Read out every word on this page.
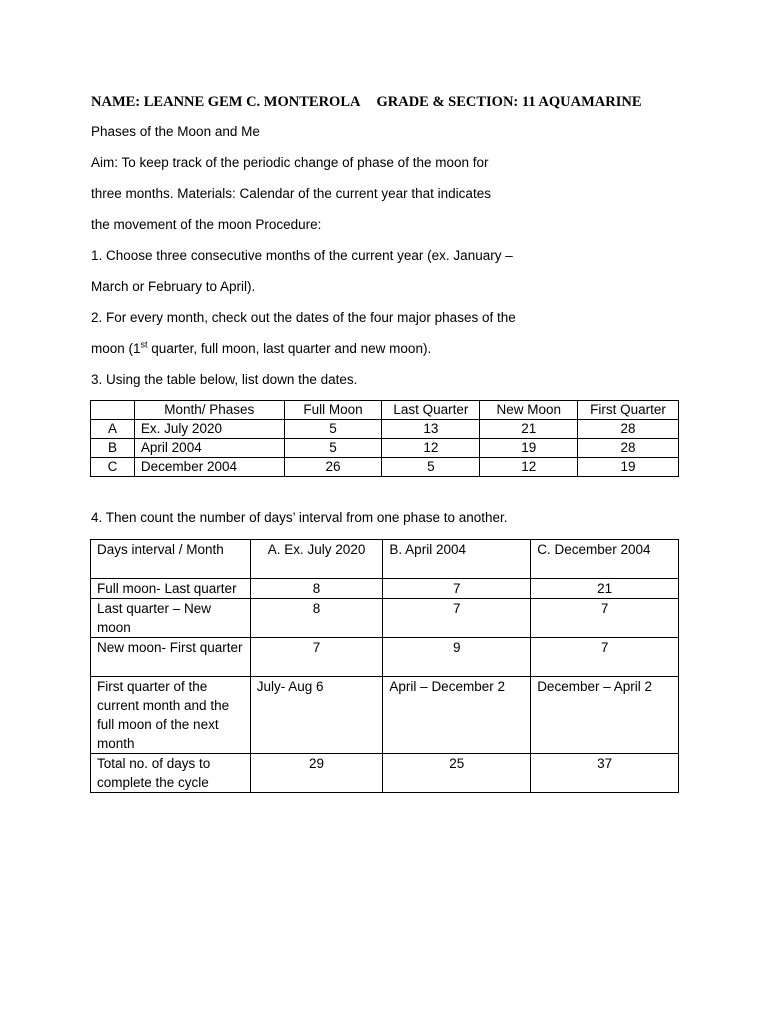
NAME: LEANNE GEM C. MONTEROLA GRADE & SECTION: 11 AQUAMARINE
Phases of the Moon and Me
Aim: To keep track of the periodic change of phase of the moon for
three months. Materials: Calendar of the current year that indicates
the movement of the moon Procedure:
1. Choose three consecutive months of the current year (ex. January –
March or February to April).
2. For every month, check out the dates of the four major phases of the
moon (1st quarter, full moon, last quarter and new moon).
3. Using the table below, list down the dates.
	Month/ Phases	Full Moon	Last Quarter	New Moon	First Quarter
A	Ex. July 2020	5	13	21	28
B	April 2004	5	12	19	28
C	December 2004	26	5	12	19
4. Then count the number of days’ interval from one phase to another.
Days interval / Month	A. Ex. July 2020	B. April 2004	C. December 2004
Full moon- Last quarter	8	7	21
Last quarter – New moon	8	7	7
New moon- First quarter	7	9	7
First quarter of the current month and the full moon of the next month	July- Aug 6	April – December 2	December – April 2
Total no. of days to complete the cycle	29	25	37
